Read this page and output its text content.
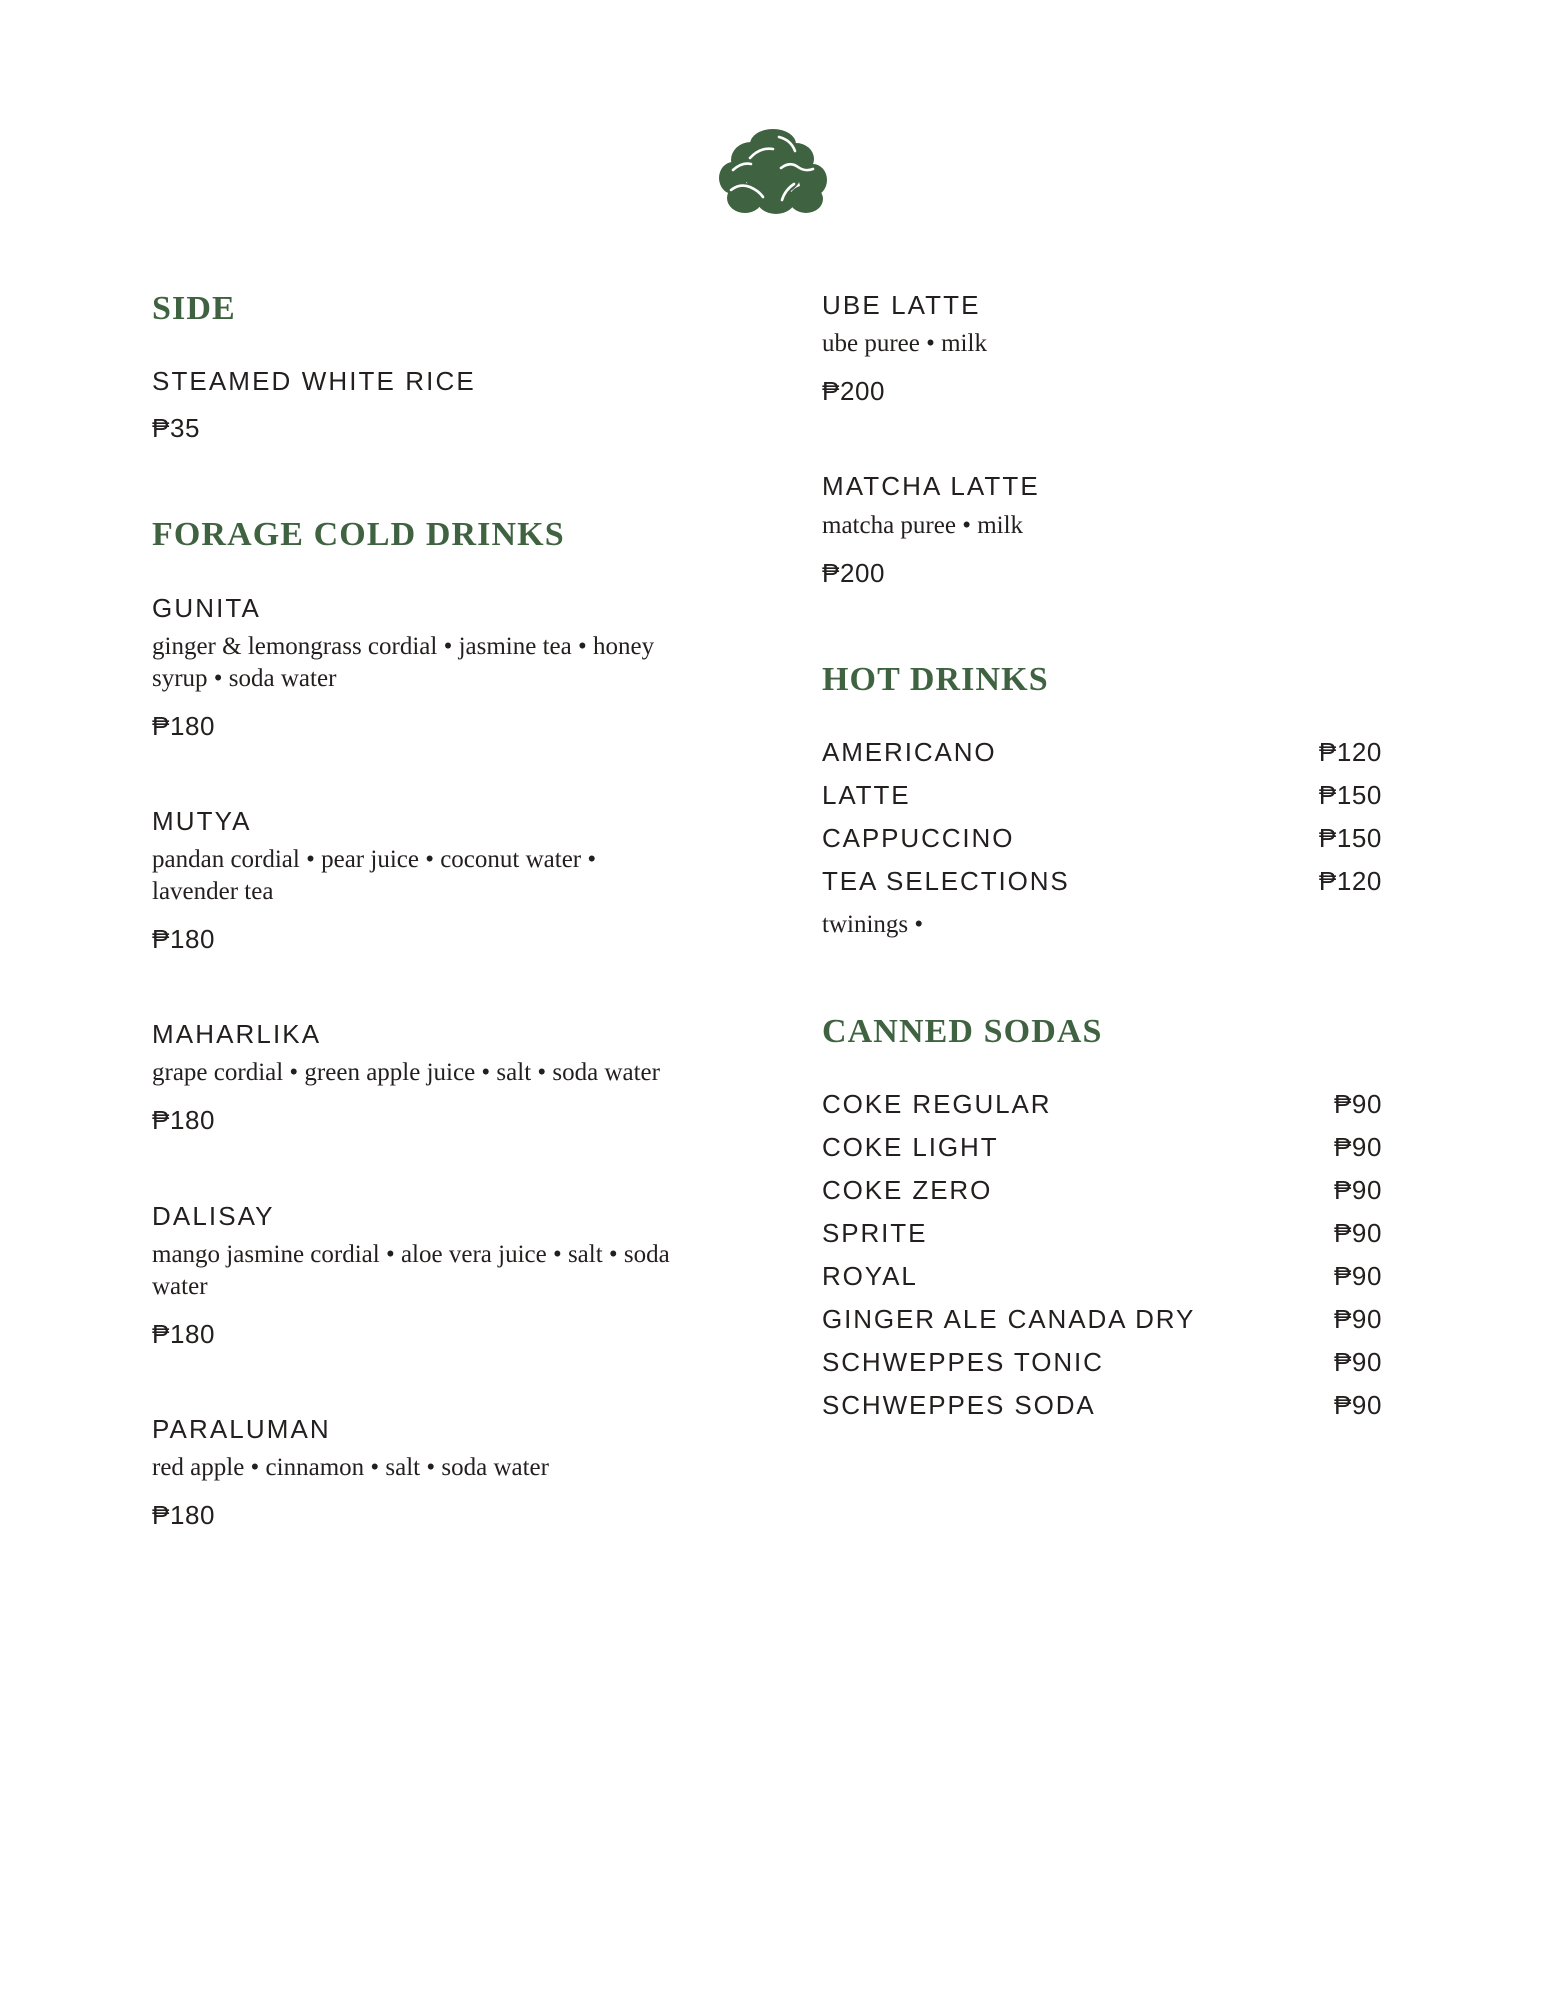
SIDE
STEAMED WHITE RICE
₱35
FORAGE COLD DRINKS
GUNITA
ginger & lemongrass cordial • jasmine tea • honey syrup • soda water
₱180
MUTYA
pandan cordial • pear juice • coconut water • lavender tea
₱180
MAHARLIKA
grape cordial • green apple juice • salt • soda water
₱180
DALISAY
mango jasmine cordial • aloe vera juice • salt • soda water
₱180
PARALUMAN
red apple • cinnamon • salt • soda water
₱180
UBE LATTE
ube puree • milk
₱200
MATCHA LATTE
matcha puree • milk
₱200
HOT DRINKS
AMERICANO	₱120
LATTE	₱150
CAPPUCCINO	₱150
TEA SELECTIONS	₱120
twinings •
CANNED SODAS
COKE REGULAR	₱90
COKE LIGHT	₱90
COKE ZERO	₱90
SPRITE	₱90
ROYAL	₱90
GINGER ALE CANADA DRY	₱90
SCHWEPPES TONIC	₱90
SCHWEPPES SODA	₱90
